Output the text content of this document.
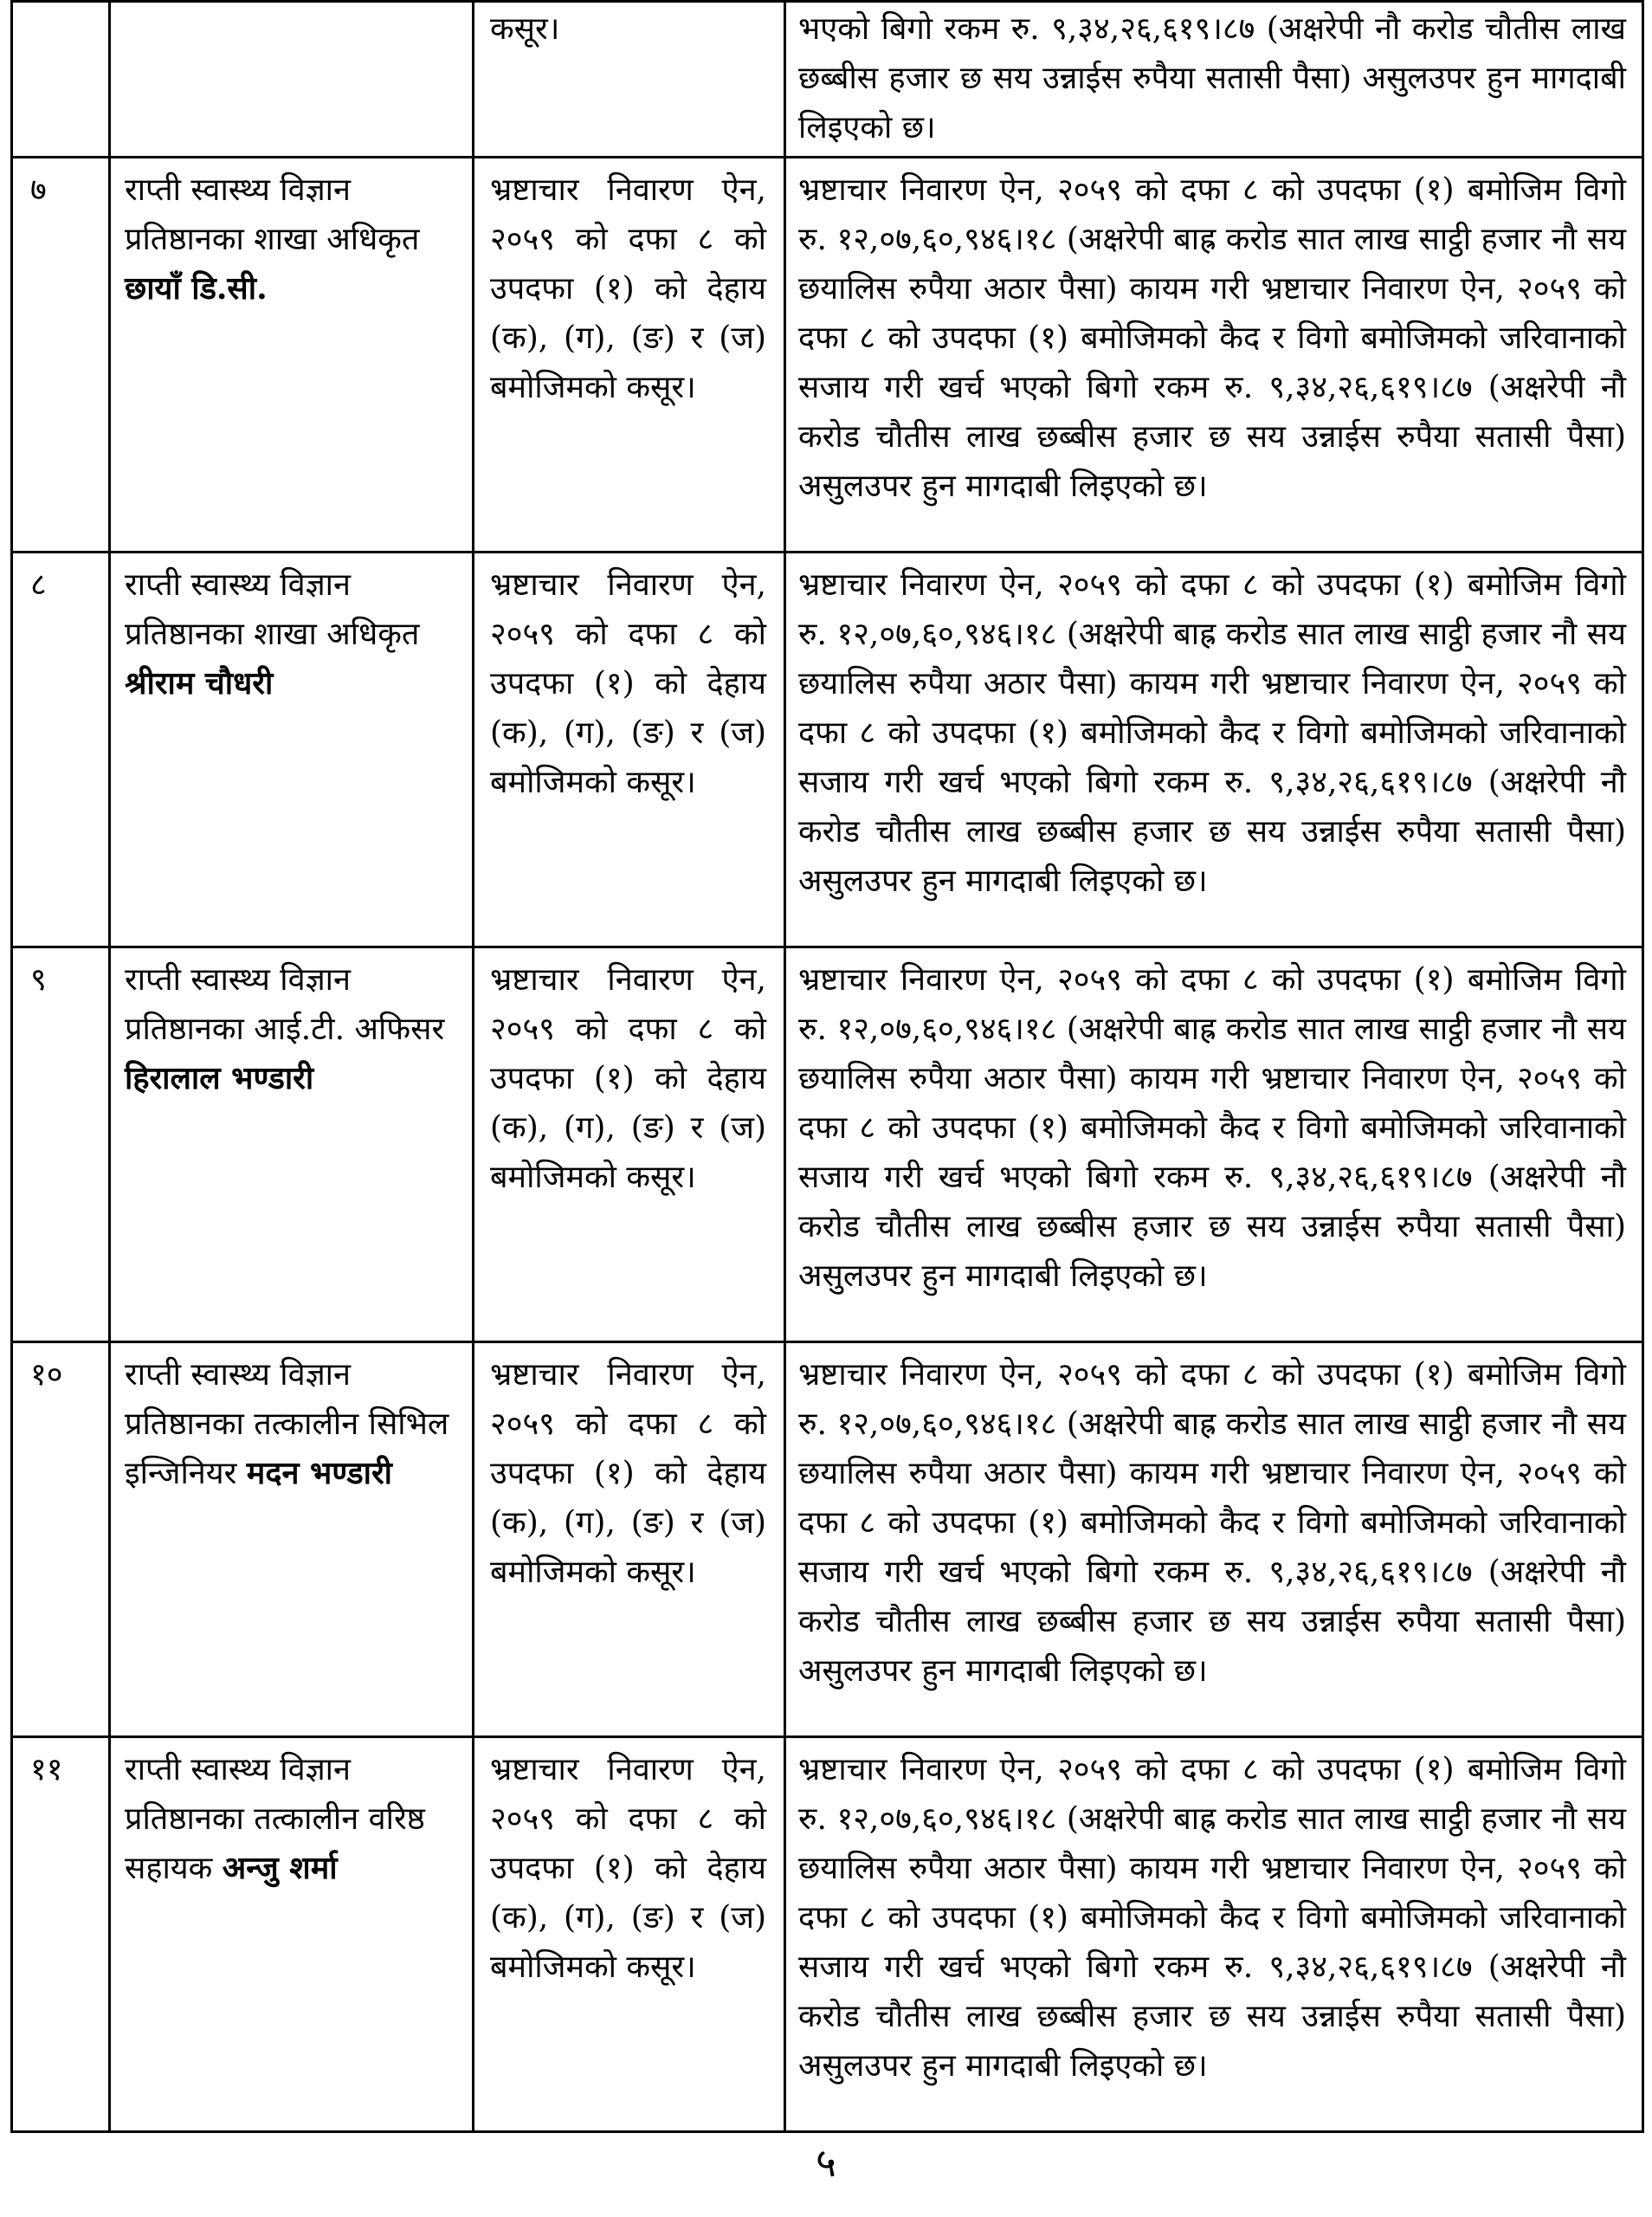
		कसूर।	भएको बिगो रकम रु. ९,३४,२६,६१९।८७ (अक्षरेपी नौ करोड चौतीस लाख छब्बीस हजार छ सय उन्नाईस रुपैया सतासी पैसा) असुलउपर हुन मागदाबी लिइएको छ।
७	राप्ती स्वास्थ्य विज्ञान प्रतिष्ठानका शाखा अधिकृत छायाँ डि.सी.	भ्रष्टाचार निवारण ऐन, २०५९ को दफा ८ को उपदफा (१) को देहाय (क), (ग), (ङ) र (ज) बमोजिमको कसूर।	भ्रष्टाचार निवारण ऐन, २०५९ को दफा ८ को उपदफा (१) बमोजिम विगो रु. १२,०७,६०,९४६।१८ (अक्षरेपी बाह्र करोड सात लाख साट्ठी हजार नौ सय छयालिस रुपैया अठार पैसा) कायम गरी भ्रष्टाचार निवारण ऐन, २०५९ को दफा ८ को उपदफा (१) बमोजिमको कैद र विगो बमोजिमको जरिवानाको सजाय गरी खर्च भएको बिगो रकम रु. ९,३४,२६,६१९।८७ (अक्षरेपी नौ करोड चौतीस लाख छब्बीस हजार छ सय उन्नाईस रुपैया सतासी पैसा) असुलउपर हुन मागदाबी लिइएको छ।
८	राप्ती स्वास्थ्य विज्ञान प्रतिष्ठानका शाखा अधिकृत श्रीराम चौधरी	भ्रष्टाचार निवारण ऐन, २०५९ को दफा ८ को उपदफा (१) को देहाय (क), (ग), (ङ) र (ज) बमोजिमको कसूर।	भ्रष्टाचार निवारण ऐन, २०५९ को दफा ८ को उपदफा (१) बमोजिम विगो रु. १२,०७,६०,९४६।१८ (अक्षरेपी बाह्र करोड सात लाख साट्ठी हजार नौ सय छयालिस रुपैया अठार पैसा) कायम गरी भ्रष्टाचार निवारण ऐन, २०५९ को दफा ८ को उपदफा (१) बमोजिमको कैद र विगो बमोजिमको जरिवानाको सजाय गरी खर्च भएको बिगो रकम रु. ९,३४,२६,६१९।८७ (अक्षरेपी नौ करोड चौतीस लाख छब्बीस हजार छ सय उन्नाईस रुपैया सतासी पैसा) असुलउपर हुन मागदाबी लिइएको छ।
९	राप्ती स्वास्थ्य विज्ञान प्रतिष्ठानका आई.टी. अफिसर हिरालाल भण्डारी	भ्रष्टाचार निवारण ऐन, २०५९ को दफा ८ को उपदफा (१) को देहाय (क), (ग), (ङ) र (ज) बमोजिमको कसूर।	भ्रष्टाचार निवारण ऐन, २०५९ को दफा ८ को उपदफा (१) बमोजिम विगो रु. १२,०७,६०,९४६।१८ (अक्षरेपी बाह्र करोड सात लाख साट्ठी हजार नौ सय छयालिस रुपैया अठार पैसा) कायम गरी भ्रष्टाचार निवारण ऐन, २०५९ को दफा ८ को उपदफा (१) बमोजिमको कैद र विगो बमोजिमको जरिवानाको सजाय गरी खर्च भएको बिगो रकम रु. ९,३४,२६,६१९।८७ (अक्षरेपी नौ करोड चौतीस लाख छब्बीस हजार छ सय उन्नाईस रुपैया सतासी पैसा) असुलउपर हुन मागदाबी लिइएको छ।
१०	राप्ती स्वास्थ्य विज्ञान प्रतिष्ठानका तत्कालीन सिभिल इन्जिनियर मदन भण्डारी	भ्रष्टाचार निवारण ऐन, २०५९ को दफा ८ को उपदफा (१) को देहाय (क), (ग), (ङ) र (ज) बमोजिमको कसूर।	भ्रष्टाचार निवारण ऐन, २०५९ को दफा ८ को उपदफा (१) बमोजिम विगो रु. १२,०७,६०,९४६।१८ (अक्षरेपी बाह्र करोड सात लाख साट्ठी हजार नौ सय छयालिस रुपैया अठार पैसा) कायम गरी भ्रष्टाचार निवारण ऐन, २०५९ को दफा ८ को उपदफा (१) बमोजिमको कैद र विगो बमोजिमको जरिवानाको सजाय गरी खर्च भएको बिगो रकम रु. ९,३४,२६,६१९।८७ (अक्षरेपी नौ करोड चौतीस लाख छब्बीस हजार छ सय उन्नाईस रुपैया सतासी पैसा) असुलउपर हुन मागदाबी लिइएको छ।
११	राप्ती स्वास्थ्य विज्ञान प्रतिष्ठानका तत्कालीन वरिष्ठ सहायक अन्जु शर्मा	भ्रष्टाचार निवारण ऐन, २०५९ को दफा ८ को उपदफा (१) को देहाय (क), (ग), (ङ) र (ज) बमोजिमको कसूर।	भ्रष्टाचार निवारण ऐन, २०५९ को दफा ८ को उपदफा (१) बमोजिम विगो रु. १२,०७,६०,९४६।१८ (अक्षरेपी बाह्र करोड सात लाख साट्ठी हजार नौ सय छयालिस रुपैया अठार पैसा) कायम गरी भ्रष्टाचार निवारण ऐन, २०५९ को दफा ८ को उपदफा (१) बमोजिमको कैद र विगो बमोजिमको जरिवानाको सजाय गरी खर्च भएको बिगो रकम रु. ९,३४,२६,६१९।८७ (अक्षरेपी नौ करोड चौतीस लाख छब्बीस हजार छ सय उन्नाईस रुपैया सतासी पैसा) असुलउपर हुन मागदाबी लिइएको छ।
५
